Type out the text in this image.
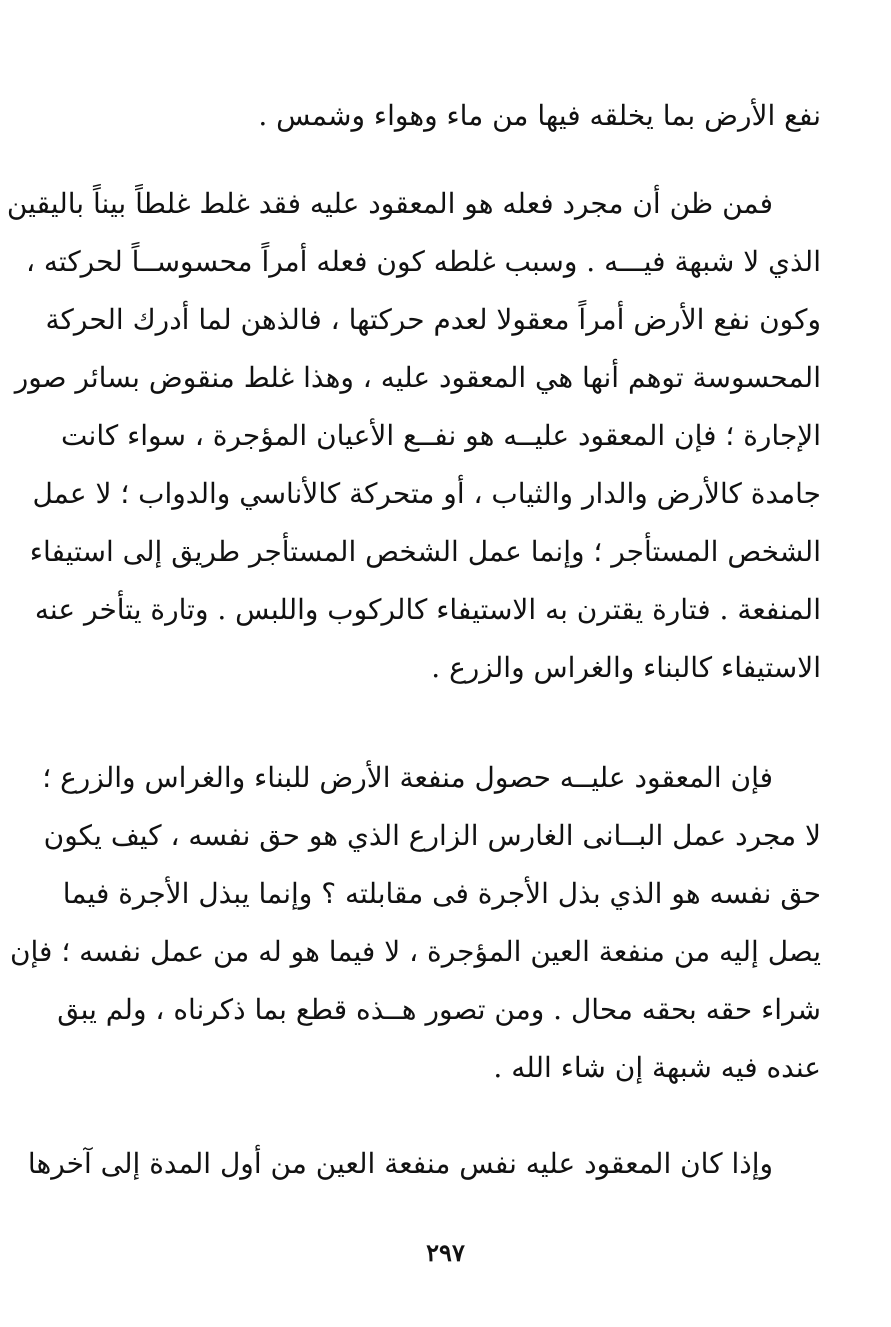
نفع الأرض بما يخلقه فيها من ماء وهواء وشمس .
فمن ظن أن مجرد فعله هو المعقود عليه فقد غلط غلطاً بيناً باليقين
الذي لا شبهة فيـــه . وسبب غلطه كون فعله أمراً محسوســاً لحركته ،
وكون نفع الأرض أمراً معقولا لعدم حركتها ، فالذهن لما أدرك الحركة
المحسوسة توهم أنها هي المعقود عليه ، وهذا غلط منقوض بسائر صور
الإجارة ؛ فإن المعقود عليــه هو نفــع الأعيان المؤجرة ، سواء كانت
جامدة كالأرض والدار والثياب ، أو متحركة كالأناسي والدواب ؛ لا عمل
الشخص المستأجر ؛ وإنما عمل الشخص المستأجر طريق إلى استيفاء
المنفعة . فتارة يقترن به الاستيفاء كالركوب واللبس . وتارة يتأخر عنه
الاستيفاء كالبناء والغراس والزرع .
فإن المعقود عليــه حصول منفعة الأرض للبناء والغراس والزرع ؛
لا مجرد عمل البــانى الغارس الزارع الذي هو حق نفسه ، كيف يكون
حق نفسه هو الذي بذل الأجرة فى مقابلته ؟ وإنما يبذل الأجرة فيما
يصل إليه من منفعة العين المؤجرة ، لا فيما هو له من عمل نفسه ؛ فإن
شراء حقه بحقه محال . ومن تصور هــذه قطع بما ذكرناه ، ولم يبق
عنده فيه شبهة إن شاء الله .
وإذا كان المعقود عليه نفس منفعة العين من أول المدة إلى آخرها
٢٩٧
